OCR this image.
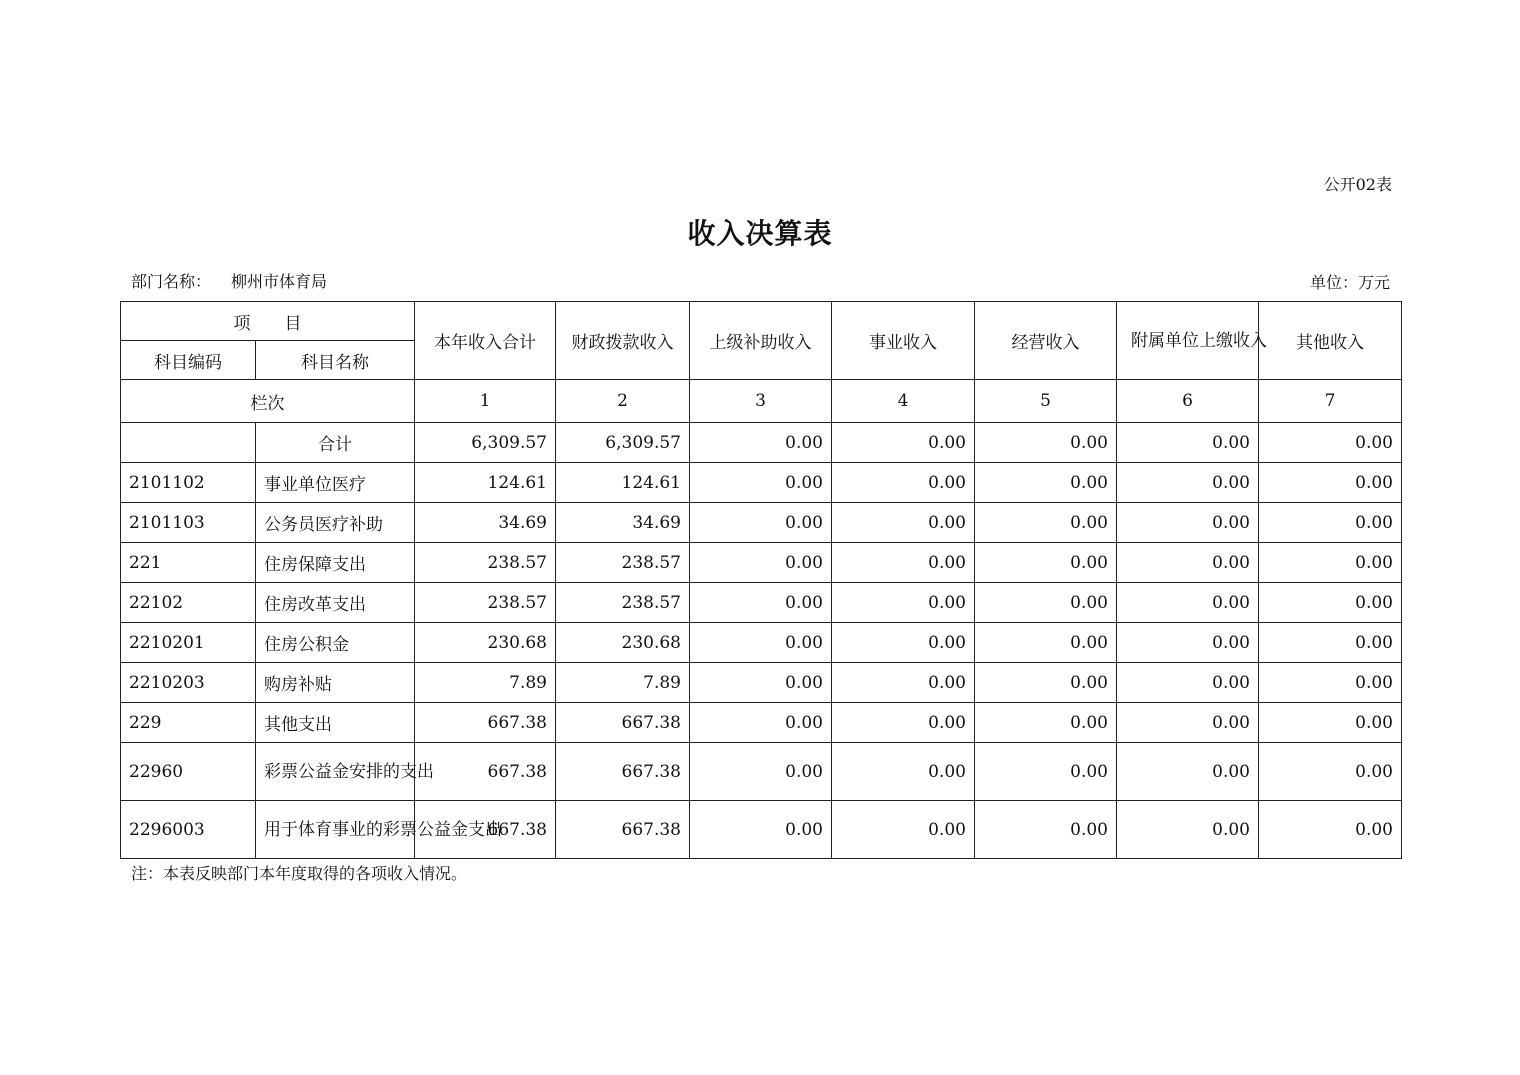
公开02表
收入决算表
部门名称： 柳州市体育局	单位：万元
项　　目		本年收入合计	财政拨款收入	上级补助收入	事业收入	经营收入	附属单位上缴收入	其他收入
科目编码	科目名称							
栏次		1	2	3	4	5	6	7
	合计	6,309.57	6,309.57	0.00	0.00	0.00	0.00	0.00
2101102	事业单位医疗	124.61	124.61	0.00	0.00	0.00	0.00	0.00
2101103	公务员医疗补助	34.69	34.69	0.00	0.00	0.00	0.00	0.00
221	住房保障支出	238.57	238.57	0.00	0.00	0.00	0.00	0.00
22102	住房改革支出	238.57	238.57	0.00	0.00	0.00	0.00	0.00
2210201	住房公积金	230.68	230.68	0.00	0.00	0.00	0.00	0.00
2210203	购房补贴	7.89	7.89	0.00	0.00	0.00	0.00	0.00
229	其他支出	667.38	667.38	0.00	0.00	0.00	0.00	0.00
22960	彩票公益金安排的支出	667.38	667.38	0.00	0.00	0.00	0.00	0.00
2296003	用于体育事业的彩票公益金支出	667.38	667.38	0.00	0.00	0.00	0.00	0.00
注：本表反映部门本年度取得的各项收入情况。
